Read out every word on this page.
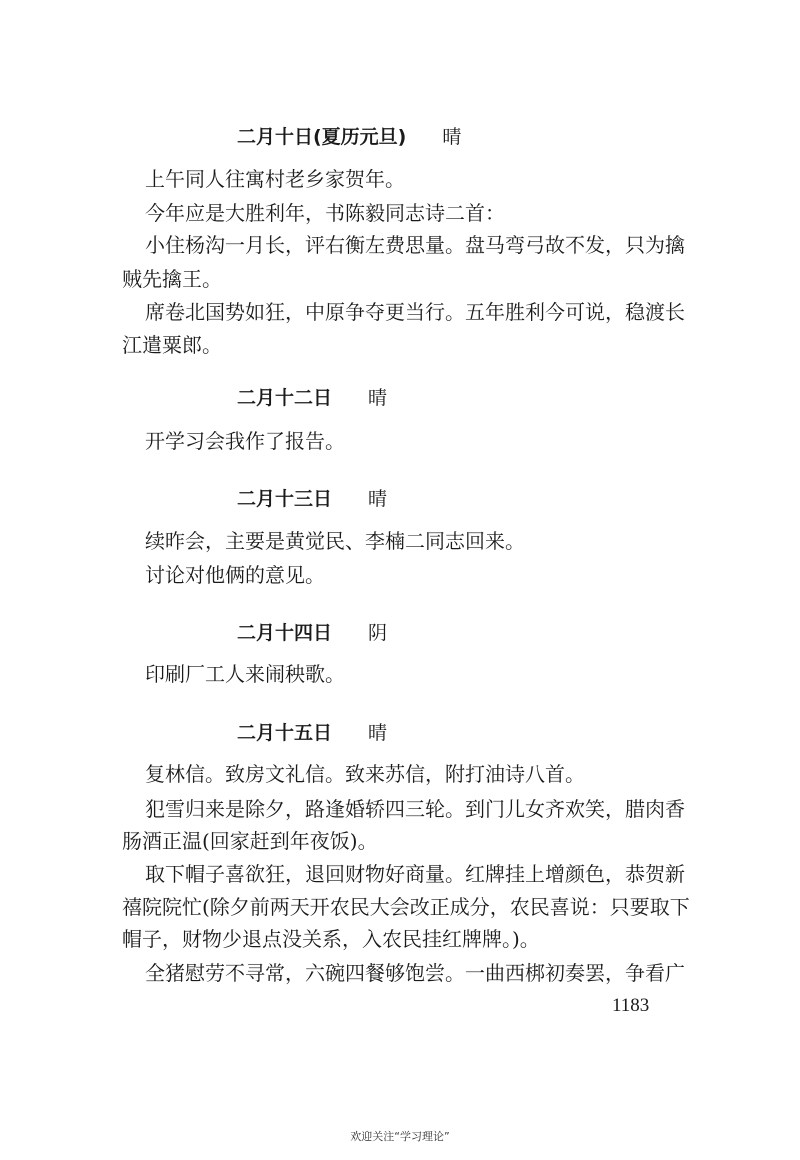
二月十日(夏历元旦) 晴
上午同人往寓村老乡家贺年。
今年应是大胜利年，书陈毅同志诗二首：
小住杨沟一月长，评右衡左费思量。盘马弯弓故不发，只为擒
贼先擒王。
席卷北国势如狂，中原争夺更当行。五年胜利今可说，稳渡长
江遣粟郎。
二月十二日 晴
开学习会我作了报告。
二月十三日 晴
续昨会，主要是黄觉民、李楠二同志回来。
讨论对他俩的意见。
二月十四日 阴
印刷厂工人来闹秧歌。
二月十五日 晴
复林信。致房文礼信。致来苏信，附打油诗八首。
犯雪归来是除夕，路逢婚轿四三轮。到门儿女齐欢笑，腊肉香
肠酒正温(回家赶到年夜饭)。
取下帽子喜欲狂，退回财物好商量。红牌挂上增颜色，恭贺新
禧院院忙(除夕前两天开农民大会改正成分，农民喜说：只要取下
帽子，财物少退点没关系，入农民挂红牌牌。)。
全猪慰劳不寻常，六碗四餐够饱尝。一曲西梆初奏罢，争看广
1183
欢迎关注“学习理论”
